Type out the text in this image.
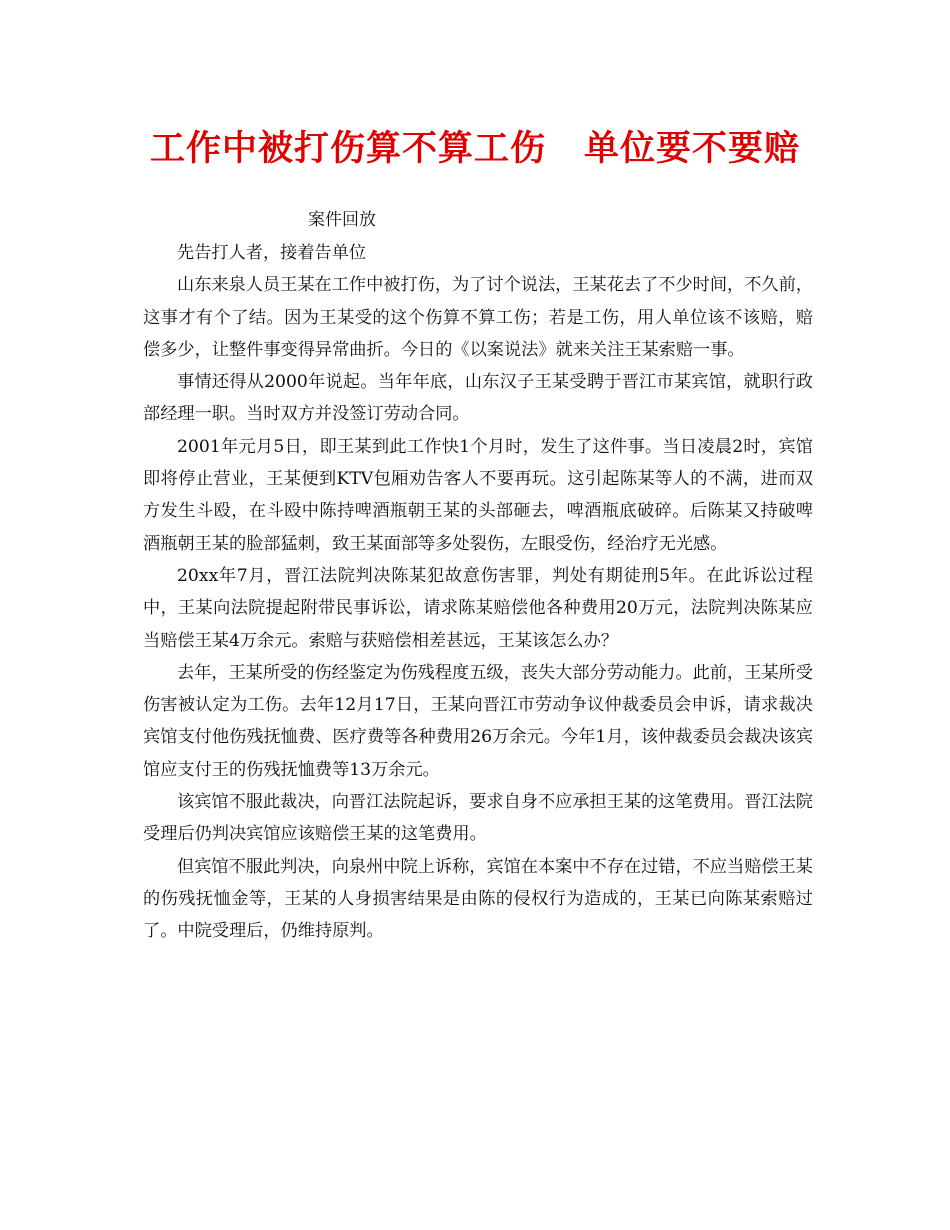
工作中被打伤算不算工伤 单位要不要赔
案件回放

先告打人者，接着告单位

山东来泉人员王某在工作中被打伤，为了讨个说法，王某花去了不少时间，不久前，这事才有个了结。因为王某受的这个伤算不算工伤；若是工伤，用人单位该不该赔，赔偿多少，让整件事变得异常曲折。今日的《以案说法》就来关注王某索赔一事。

事情还得从2000年说起。当年年底，山东汉子王某受聘于晋江市某宾馆，就职行政部经理一职。当时双方并没签订劳动合同。

2001年元月5日，即王某到此工作快1个月时，发生了这件事。当日凌晨2时，宾馆即将停止营业，王某便到KTV包厢劝告客人不要再玩。这引起陈某等人的不满，进而双方发生斗殴，在斗殴中陈持啤酒瓶朝王某的头部砸去，啤酒瓶底破碎。后陈某又持破啤酒瓶朝王某的脸部猛刺，致王某面部等多处裂伤，左眼受伤，经治疗无光感。

20xx年7月，晋江法院判决陈某犯故意伤害罪，判处有期徒刑5年。在此诉讼过程中，王某向法院提起附带民事诉讼，请求陈某赔偿他各种费用20万元，法院判决陈某应当赔偿王某4万余元。索赔与获赔偿相差甚远，王某该怎么办？

去年，王某所受的伤经鉴定为伤残程度五级，丧失大部分劳动能力。此前，王某所受伤害被认定为工伤。去年12月17日，王某向晋江市劳动争议仲裁委员会申诉，请求裁决宾馆支付他伤残抚恤费、医疗费等各种费用26万余元。今年1月，该仲裁委员会裁决该宾馆应支付王的伤残抚恤费等13万余元。

该宾馆不服此裁决，向晋江法院起诉，要求自身不应承担王某的这笔费用。晋江法院受理后仍判决宾馆应该赔偿王某的这笔费用。

但宾馆不服此判决，向泉州中院上诉称，宾馆在本案中不存在过错，不应当赔偿王某的伤残抚恤金等，王某的人身损害结果是由陈的侵权行为造成的，王某已向陈某索赔过了。中院受理后，仍维持原判。
